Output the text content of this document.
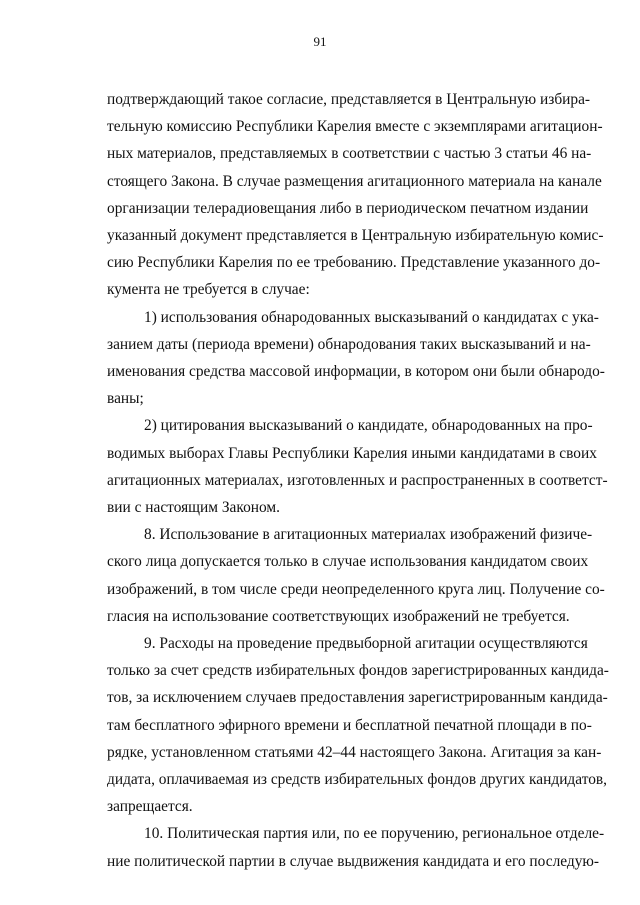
91

подтверждающий такое согласие, представляется в Центральную избира-
тельную комиссию Республики Карелия вместе с экземплярами агитацион-
ных материалов, представляемых в соответствии с частью 3 статьи 46 на-
стоящего Закона. В случае размещения агитационного материала на канале
организации телерадиовещания либо в периодическом печатном издании
указанный документ представляется в Центральную избирательную комис-
сию Республики Карелия по ее требованию. Представление указанного до-
кумента не требуется в случае:

1) использования обнародованных высказываний о кандидатах с ука-
занием даты (периода времени) обнародования таких высказываний и на-
именования средства массовой информации, в котором они были обнародо-
ваны;

2) цитирования высказываний о кандидате, обнародованных на про-
водимых выборах Главы Республики Карелия иными кандидатами в своих
агитационных материалах, изготовленных и распространенных в соответст-
вии с настоящим Законом.

8. Использование в агитационных материалах изображений физиче-
ского лица допускается только в случае использования кандидатом своих
изображений, в том числе среди неопределенного круга лиц. Получение со-
гласия на использование соответствующих изображений не требуется.

9. Расходы на проведение предвыборной агитации осуществляются
только за счет средств избирательных фондов зарегистрированных кандида-
тов, за исключением случаев предоставления зарегистрированным кандида-
там бесплатного эфирного времени и бесплатной печатной площади в по-
рядке, установленном статьями 42–44 настоящего Закона. Агитация за кан-
дидата, оплачиваемая из средств избирательных фондов других кандидатов,
запрещается.

10. Политическая партия или, по ее поручению, региональное отделе-
ние политической партии в случае выдвижения кандидата и его последую-
